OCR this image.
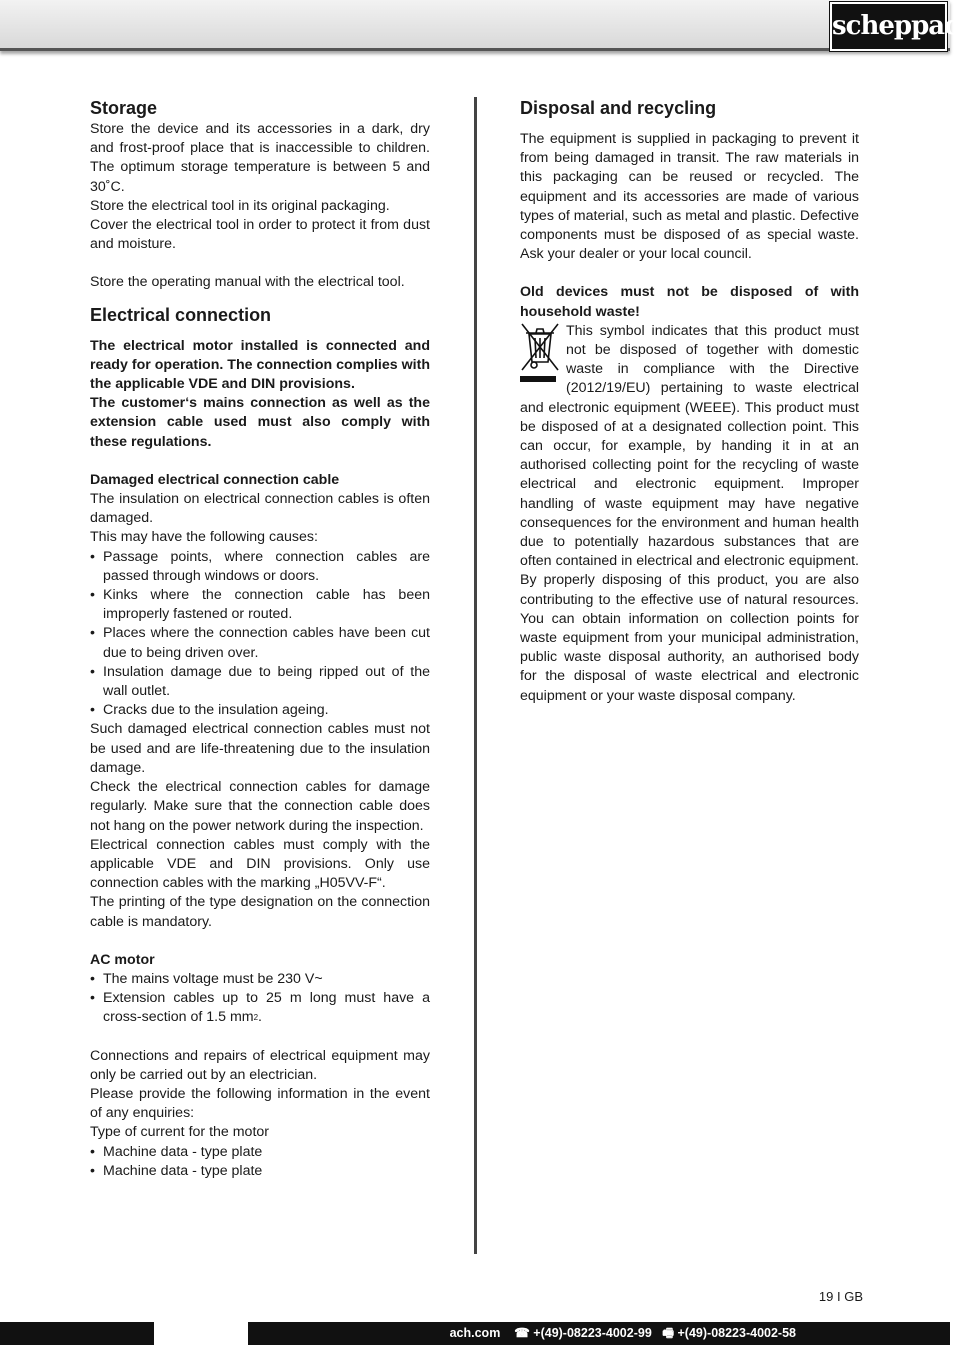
scheppach
Storage

Store the device and its accessories in a dark, dry and frost-proof place that is inaccessible to children. The optimum storage temperature is between 5 and 30˚C.

Store the electrical tool in its original packaging.

Cover the electrical tool in order to protect it from dust and moisture.

Store the operating manual with the electrical tool.

Electrical connection

The electrical motor installed is connected and ready for operation. The connection complies with the applicable VDE and DIN provisions.

The customer‘s mains connection as well as the extension cable used must also comply with these regulations.

Damaged electrical connection cable

The insulation on electrical connection cables is often damaged.

This may have the following causes:

• Passage points, where connection cables are passed through windows or doors.
• Kinks where the connection cable has been improperly fastened or routed.
• Places where the connection cables have been cut due to being driven over.
• Insulation damage due to being ripped out of the wall outlet.
• Cracks due to the insulation ageing.

Such damaged electrical connection cables must not be used and are life-threatening due to the insulation damage.

Check the electrical connection cables for damage regularly. Make sure that the connection cable does not hang on the power network during the inspection.

Electrical connection cables must comply with the applicable VDE and DIN provisions. Only use connection cables with the marking „H05VV-F“.

The printing of the type designation on the connection cable is mandatory.

AC motor

• The mains voltage must be 230 V~
• Extension cables up to 25 m long must have a cross-section of 1.5 $mm^2$.

Connections and repairs of electrical equipment may only be carried out by an electrician.

Please provide the following information in the event of any enquiries:

Type of current for the motor

• Machine data - type plate
• Machine data - type plate
Disposal and recycling

The equipment is supplied in packaging to prevent it from being damaged in transit. The raw materials in this packaging can be reused or recycled. The equipment and its accessories are made of various types of material, such as metal and plastic. Defective components must be disposed of as special waste. Ask your dealer or your local council.

Old devices must not be disposed of with household waste!

This symbol indicates that this product must not be disposed of together with domestic waste in compliance with the Directive (2012/19/EU) pertaining to waste electrical and electronic equipment (WEEE). This product must be disposed of at a designated collection point. This can occur, for example, by handing it in at an authorised collecting point for the recycling of waste electrical and electronic equipment. Improper handling of waste equipment may have negative consequences for the environment and human health due to potentially hazardous substances that are often contained in electrical and electronic equipment. By properly disposing of this product, you are also contributing to the effective use of natural resources. You can obtain information on collection points for waste equipment from your municipal administration, public waste disposal authority, an authorised body for the disposal of waste electrical and electronic equipment or your waste disposal company.

19 I GB
ach.com ☎ +(49)-08223-4002-99 🖷 +(49)-08223-4002-58
